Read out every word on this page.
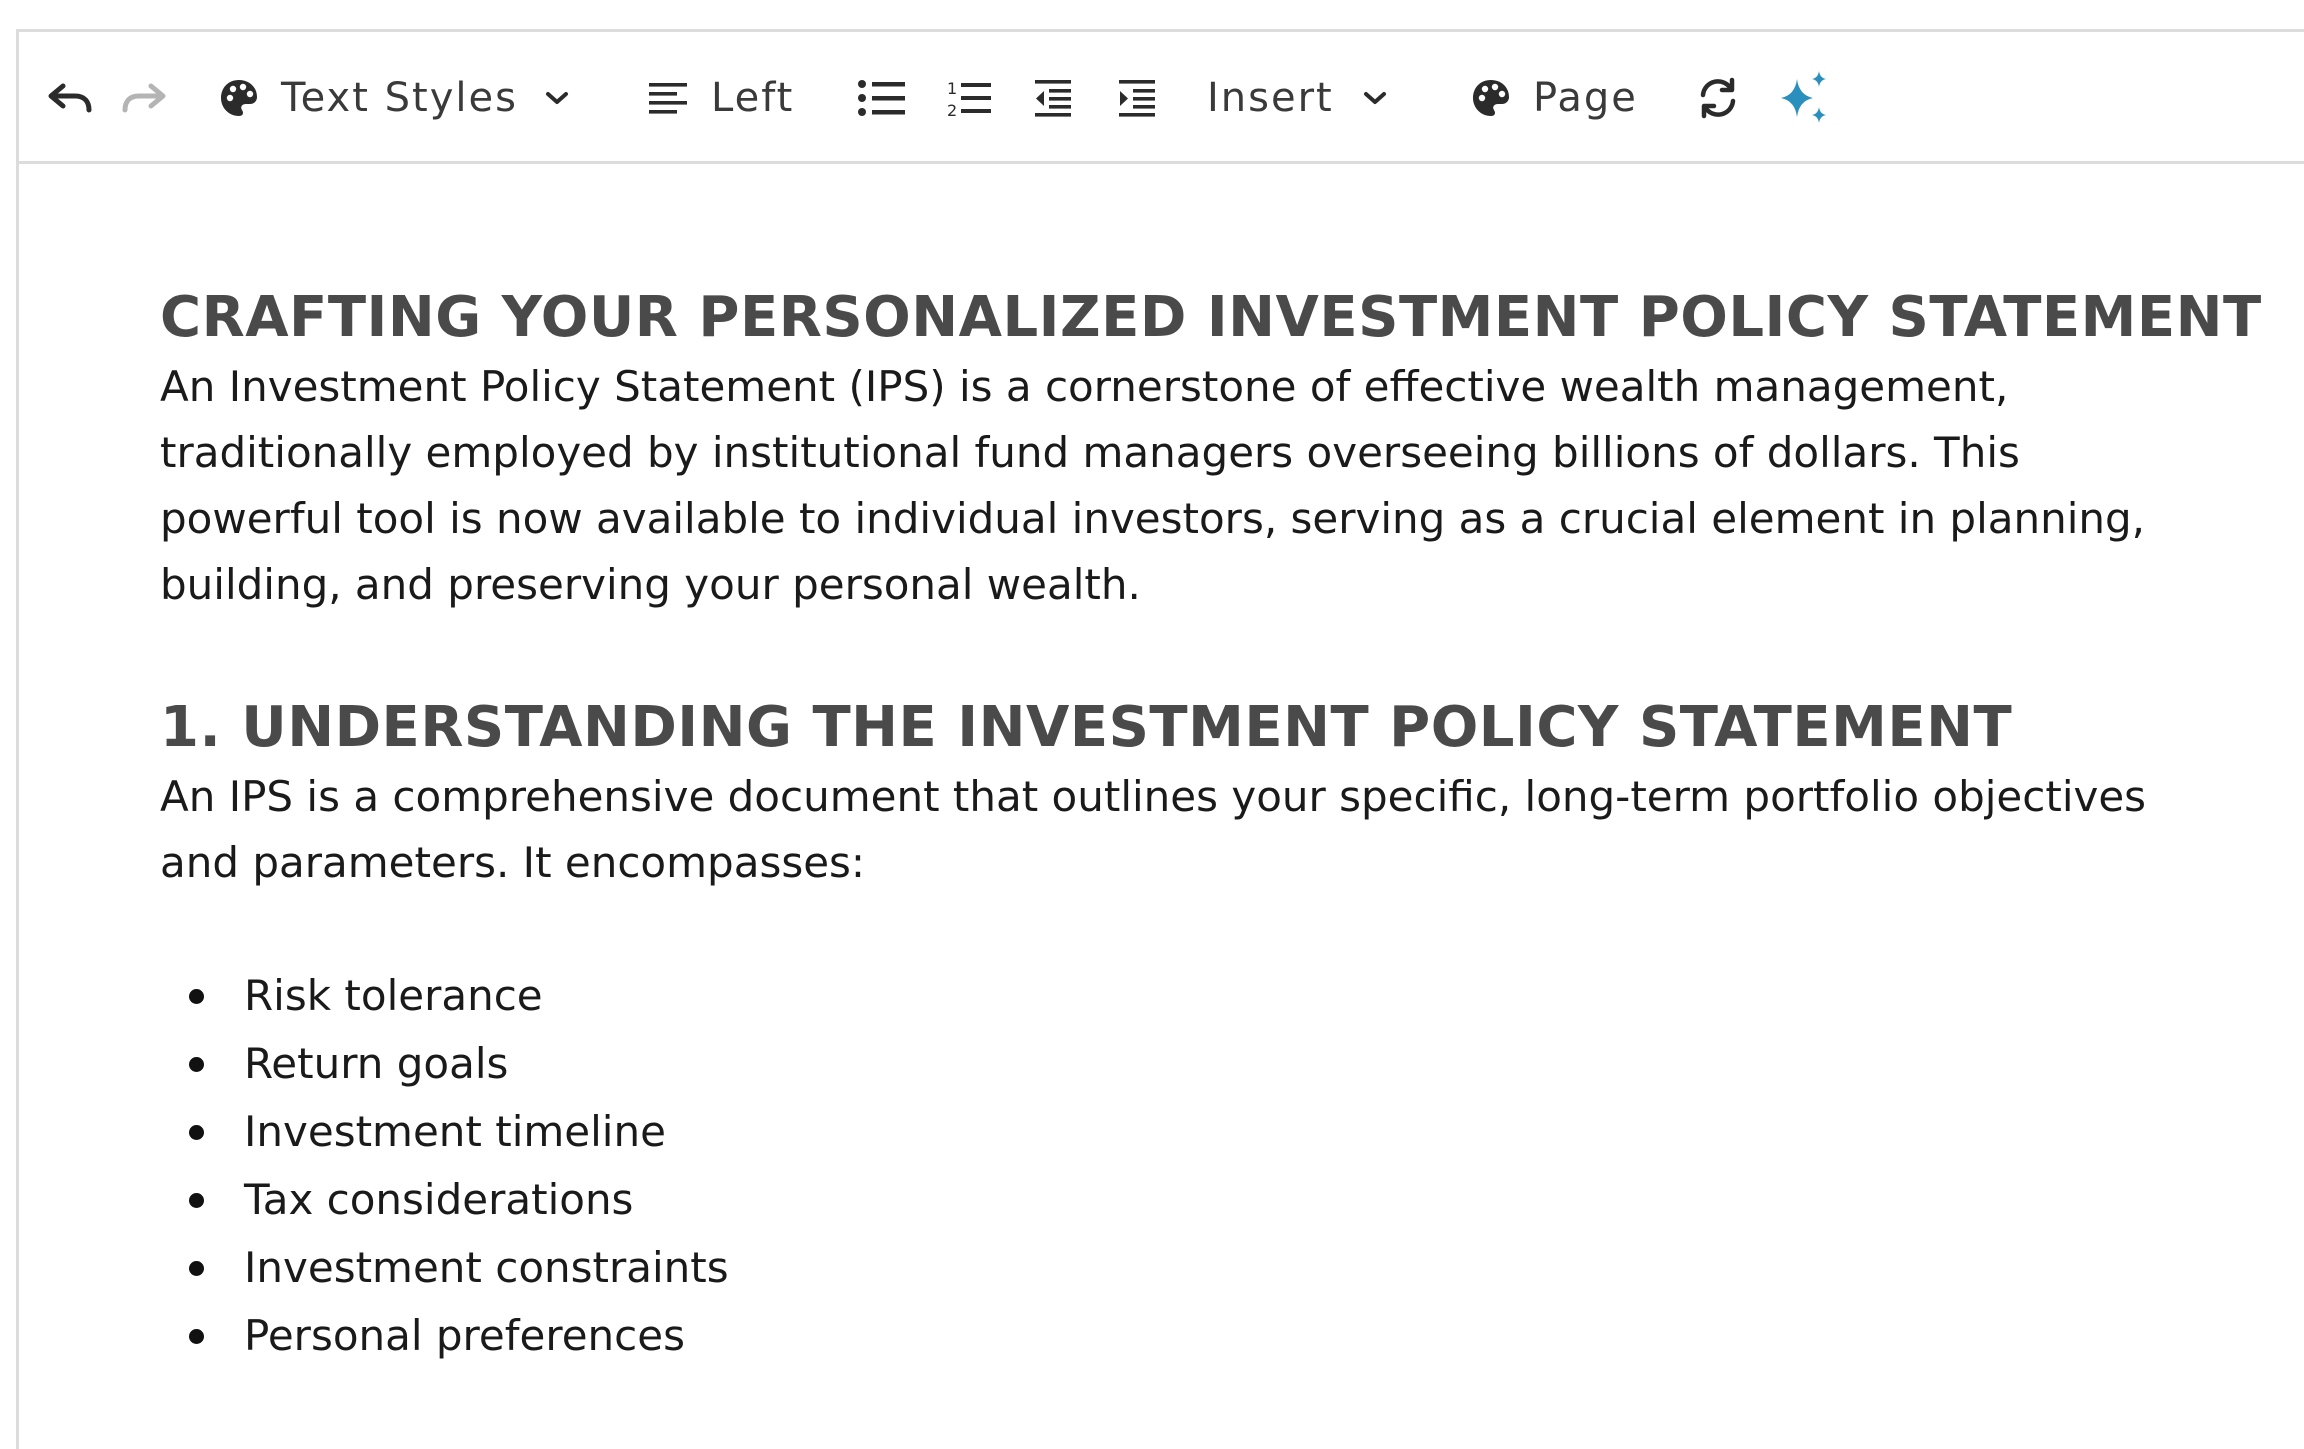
Text Styles	Left	1
2	Insert	Page
CRAFTING YOUR PERSONALIZED INVESTMENT POLICY STATEMENT

An Investment Policy Statement (IPS) is a cornerstone of effective wealth management, traditionally employed by institutional fund managers overseeing billions of dollars. This powerful tool is now available to individual investors, serving as a crucial element in planning, building, and preserving your personal wealth.

1. UNDERSTANDING THE INVESTMENT POLICY STATEMENT

An IPS is a comprehensive document that outlines your specific, long-term portfolio objectives and parameters. It encompasses:

Risk tolerance
Return goals
Investment timeline
Tax considerations
Investment constraints
Personal preferences
